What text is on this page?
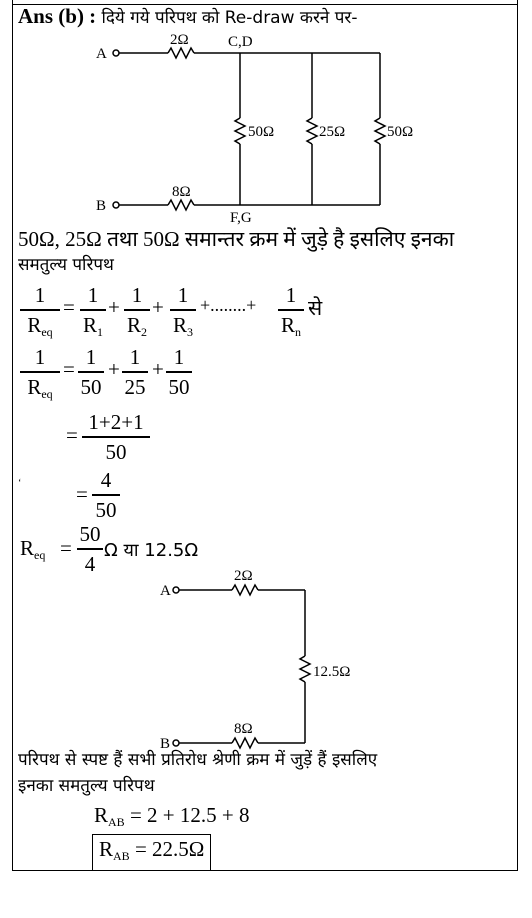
Ans (b) : दिये गये परिपथ को Re-draw करने पर-
A
B
C,D
F,G
2Ω
8Ω
50Ω	25Ω	50Ω
50Ω, 25Ω तथा 50Ω समान्तर क्रम में जुड़े है इसलिए इनका
समतुल्य परिपथ
1
$R_{eq}$
= 1
$R_1$
+ 1
$R_2$
+ 1
$R_3$
+........+	1
$R_n$
से
1
$R_{eq}$
= 1
50
+ 1
25
+ 1
50
=
1+2+1
50
‘	=
4
50
$R_{eq}$ =
50
4
Ω या 12.5Ω
A
B
2Ω
12.5Ω
8Ω
परिपथ से स्पष्ट हैं सभी प्रतिरोध श्रेणी क्रम में जुड़ें हैं इसलिए
इनका समतुल्य परिपथ
$R_{AB} = 2 + 12.5 + 8$
$R_{AB} = 22.5\Omega$
